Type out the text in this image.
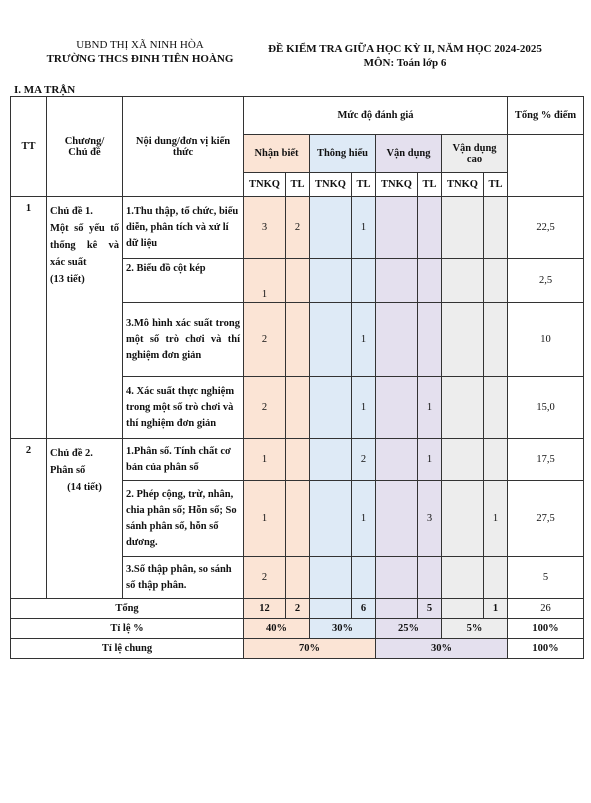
UBND THỊ XÃ NINH HÒA
TRƯỜNG THCS ĐINH TIÊN HOÀNG
ĐỀ KIỂM TRA GIỮA HỌC KỲ II, NĂM HỌC 2024-2025
MÔN: Toán lớp 6
I. MA TRẬN
TT	Chương/
Chủ đề	Nội dung/đơn vị kiến thức	Mức độ đánh giá								Tổng % điểm
			Nhận biết		Thông hiểu		Vận dụng		Vận dụng cao		
			TNKQ	TL	TNKQ	TL	TNKQ	TL	TNKQ	TL	
1	Chủ đề 1.
Một số yếu tố thống kê và xác suất
(13 tiết)	1.Thu thập, tổ chức, biểu diễn, phân tích và xử lí dữ liệu	3	2		1					22,5
		2. Biểu đồ cột kép	1								2,5
		3.Mô hình xác suất trong một số trò chơi và thí nghiệm đơn giản	2			1					10
		4. Xác suất thực nghiệm trong một số trò chơi và thí nghiệm đơn giản	2			1		1			15,0
2	Chủ đề 2.
Phân số
(14 tiết)	1.Phân số. Tính chất cơ bản của phân số	1			2		1			17,5
		2. Phép cộng, trừ, nhân, chia phân số; Hỗn số; So sánh phân số, hỗn số dương.	1			1		3		1	27,5
		3.Số thập phân, so sánh số thập phân.	2								5
Tổng			12	2		6		5		1	26
Tỉ lệ %			40%		30%		25%		5%		100%
Tỉ lệ chung			70%				30%				100%
